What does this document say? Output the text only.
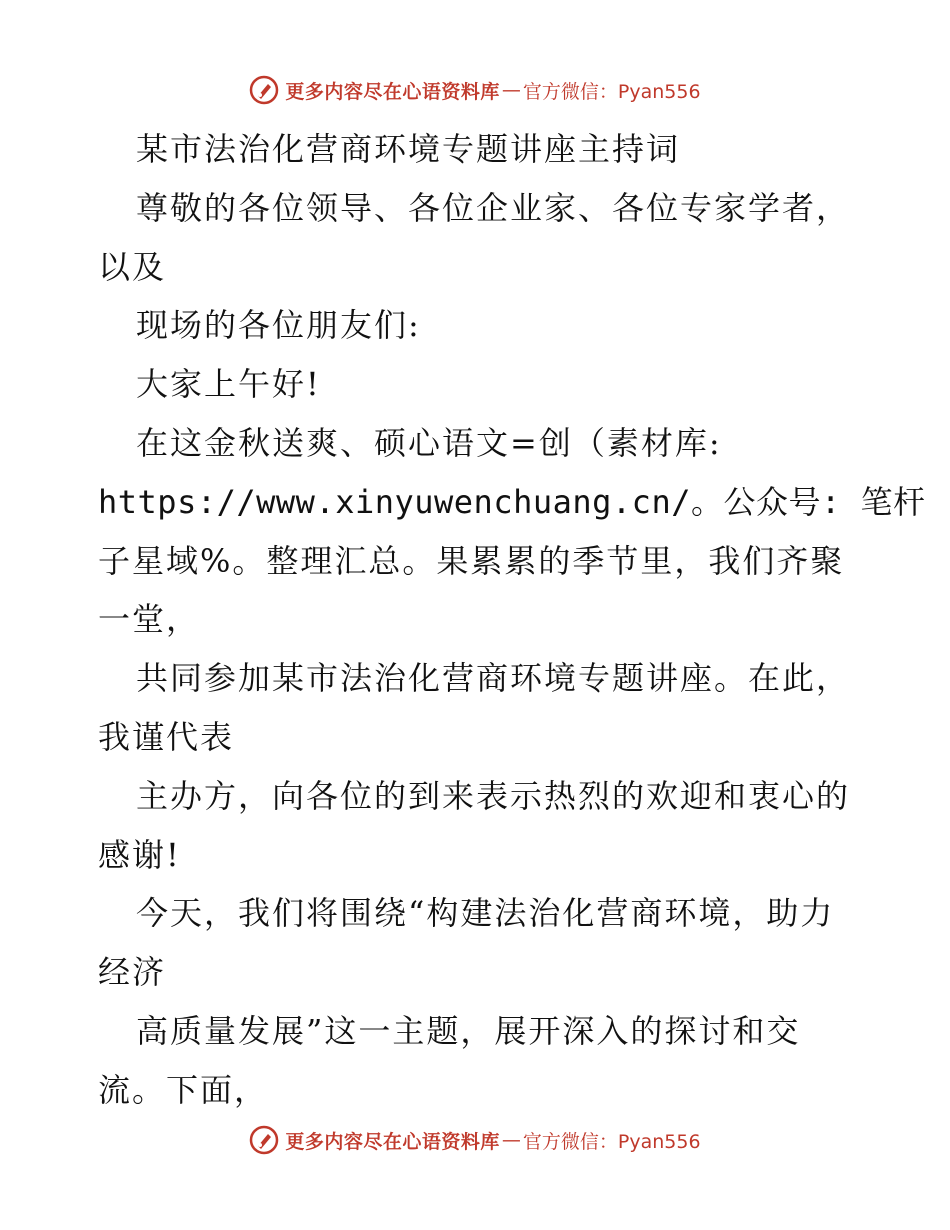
更多内容尽在心语资料库 — 官方微信：Pyan556
某市法治化营商环境专题讲座主持词
尊敬的各位领导、各位企业家、各位专家学者，
以及
现场的各位朋友们:
大家上午好!
在这金秋送爽、硕心语文=创（素材库:
https://www.xinyuwenchuang.cn/。公众号: 笔杆
子星域%。整理汇总。果累累的季节里，我们齐聚
一堂，
共同参加某市法治化营商环境专题讲座。在此，
我谨代表
主办方，向各位的到来表示热烈的欢迎和衷心的
感谢!
今天，我们将围绕“构建法治化营商环境，助力
经济
高质量发展”这一主题，展开深入的探讨和交
流。下面，
更多内容尽在心语资料库 — 官方微信：Pyan556
